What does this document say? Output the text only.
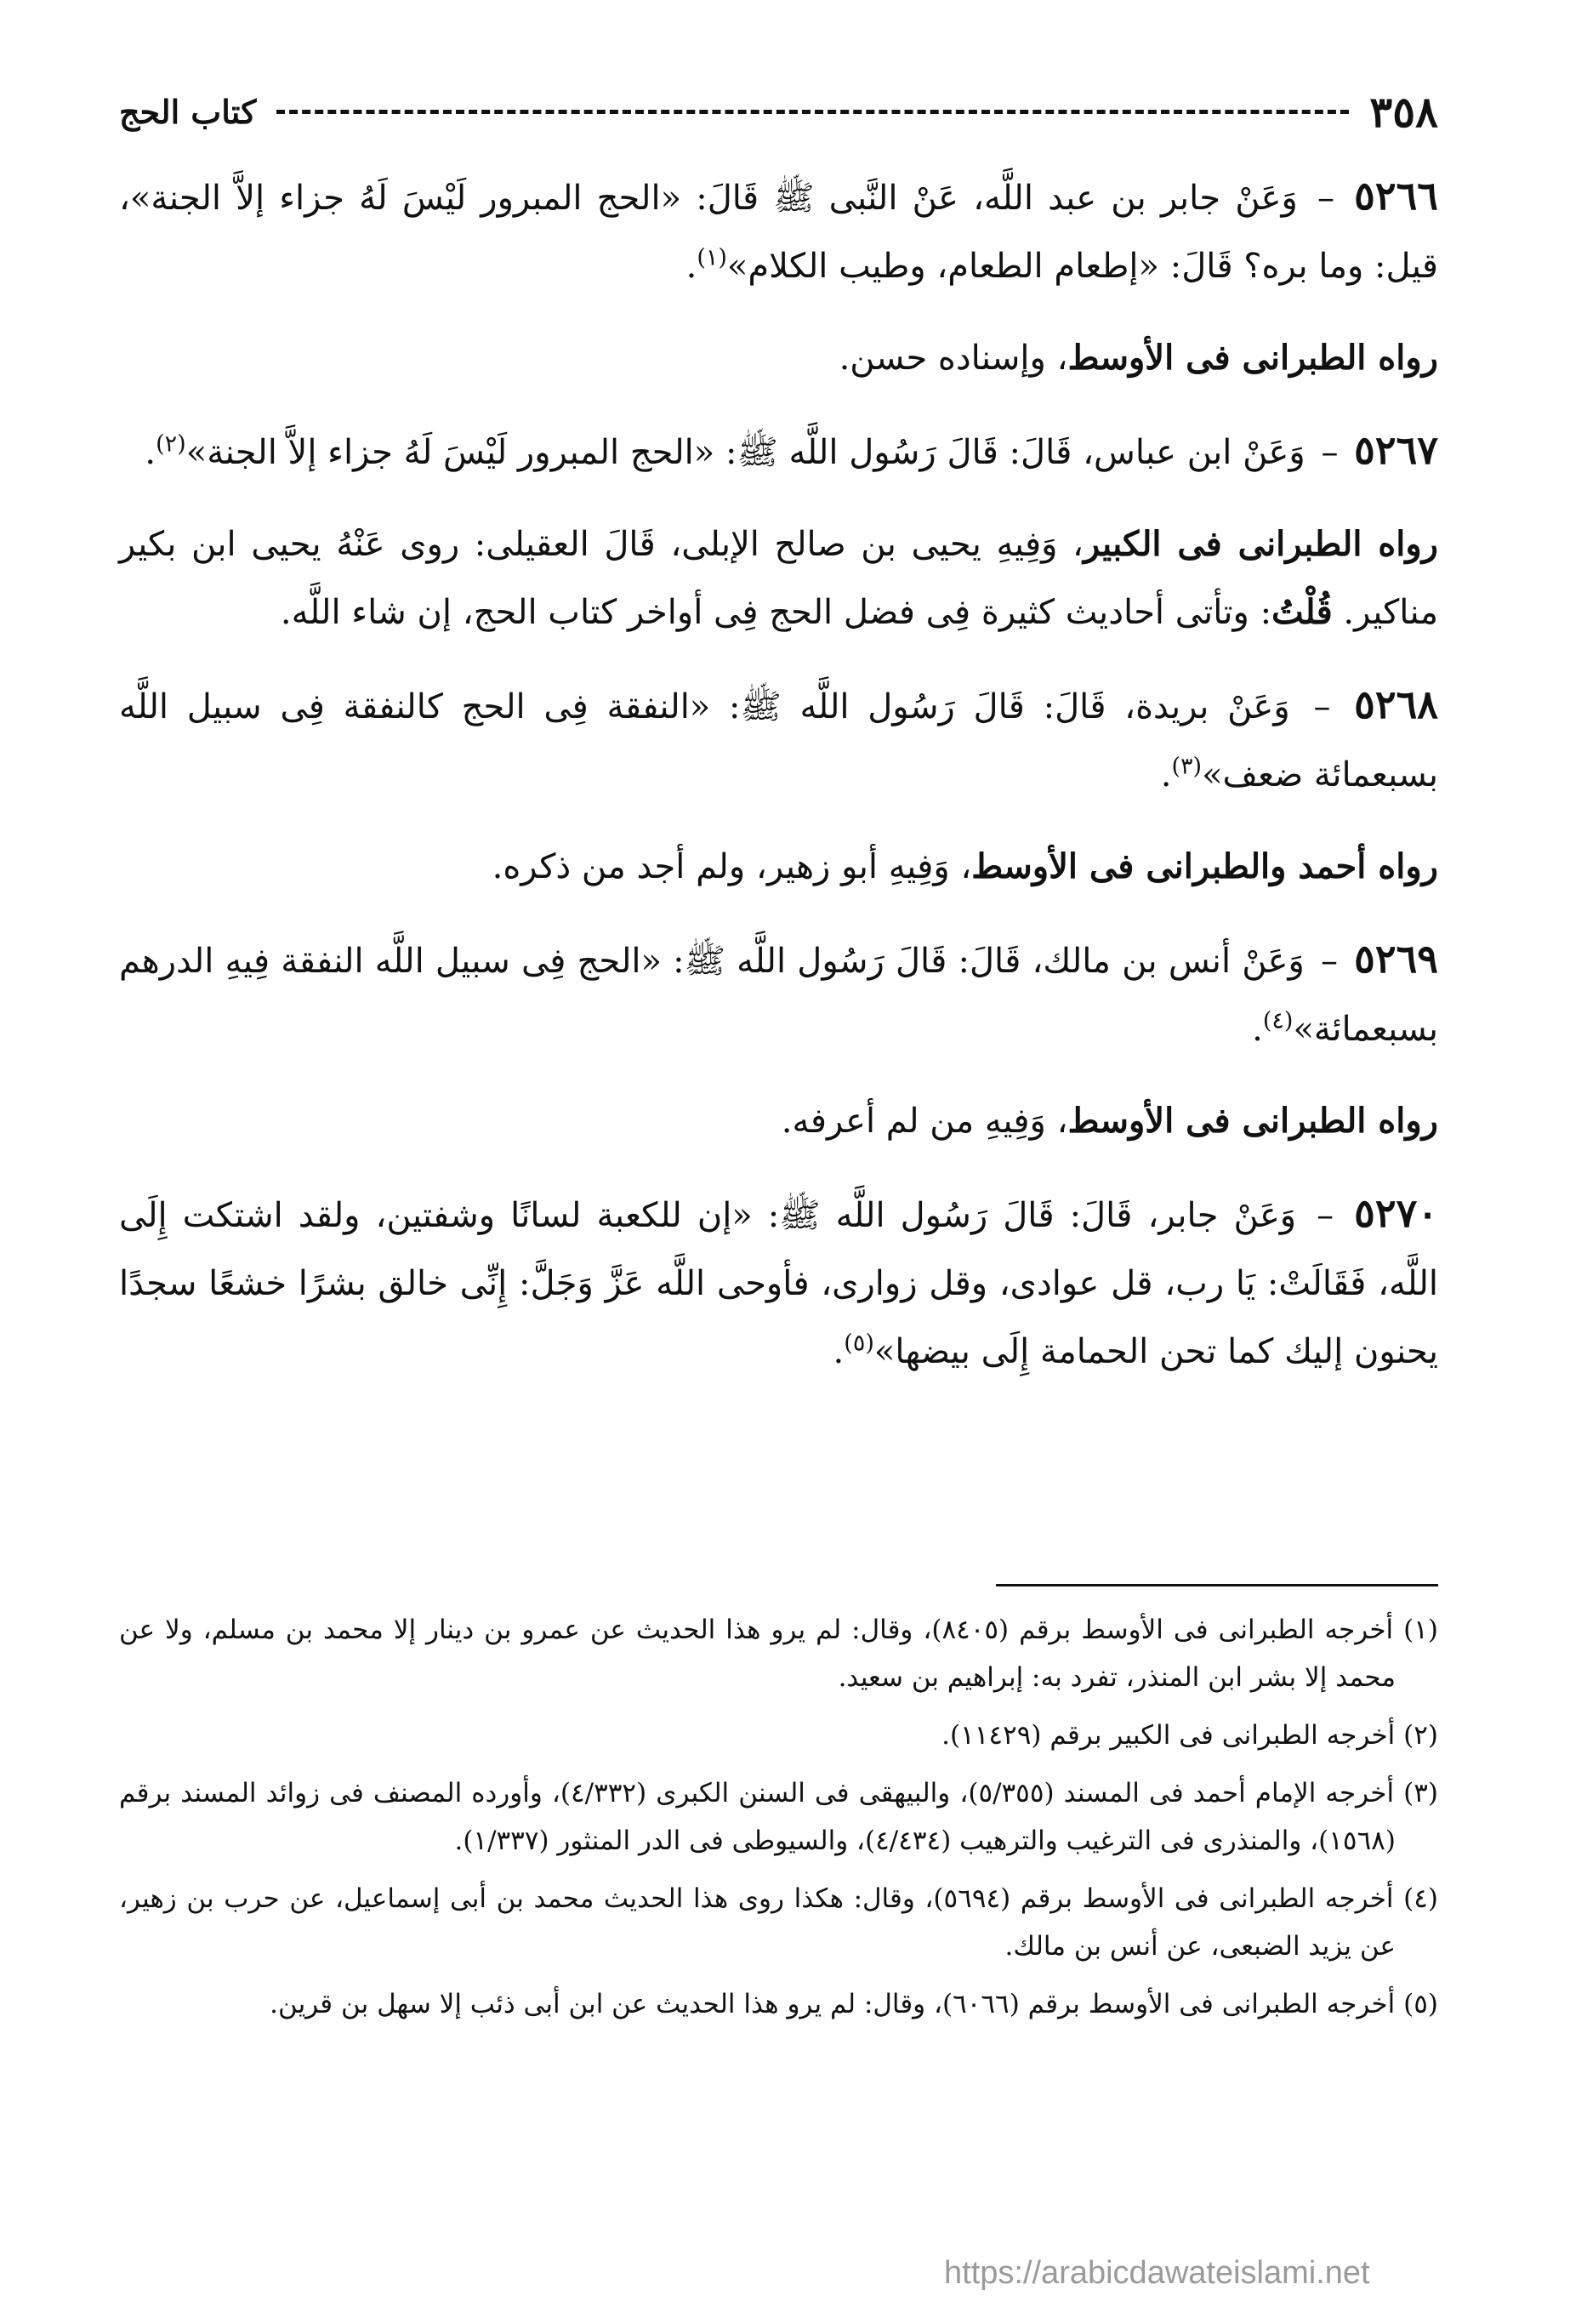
٣٥٨
كتاب الحج

٥٢٦٦ – وَعَنْ جابر بن عبد اللَّه، عَنْ النَّبى ﷺ قَالَ: «الحج المبرور لَيْسَ لَهُ جزاء إلاَّ الجنة»، قيل: وما بره؟ قَالَ: «إطعام الطعام، وطيب الكلام»$^{(١)}$.

رواه الطبرانى فى الأوسط، وإسناده حسن.

٥٢٦٧ – وَعَنْ ابن عباس، قَالَ: قَالَ رَسُول اللَّه ﷺ: «الحج المبرور لَيْسَ لَهُ جزاء إلاَّ الجنة»$^{(٢)}$.

رواه الطبرانى فى الكبير، وَفِيهِ يحيى بن صالح الإبلى، قَالَ العقيلى: روى عَنْهُ يحيى ابن بكير مناكير. قُلْتُ: وتأتى أحاديث كثيرة فِى فضل الحج فِى أواخر كتاب الحج، إن شاء اللَّه.

٥٢٦٨ – وَعَنْ بريدة، قَالَ: قَالَ رَسُول اللَّه ﷺ: «النفقة فِى الحج كالنفقة فِى سبيل اللَّه بسبعمائة ضعف»$^{(٣)}$.

رواه أحمد والطبرانى فى الأوسط، وَفِيهِ أبو زهير، ولم أجد من ذكره.

٥٢٦٩ – وَعَنْ أنس بن مالك، قَالَ: قَالَ رَسُول اللَّه ﷺ: «الحج فِى سبيل اللَّه النفقة فِيهِ الدرهم بسبعمائة»$^{(٤)}$.

رواه الطبرانى فى الأوسط، وَفِيهِ من لم أعرفه.

٥٢٧٠ – وَعَنْ جابر، قَالَ: قَالَ رَسُول اللَّه ﷺ: «إن للكعبة لسانًا وشفتين، ولقد اشتكت إِلَى اللَّه، فَقَالَتْ: يَا رب، قل عوادى، وقل زوارى، فأوحى اللَّه عَزَّ وَجَلَّ: إِنِّى خالق بشرًا خشعًا سجدًا يحنون إليك كما تحن الحمامة إِلَى بيضها»$^{(٥)}$.

(١) أخرجه الطبرانى فى الأوسط برقم (٨٤٠٥)، وقال: لم يرو هذا الحديث عن عمرو بن دينار إلا محمد بن مسلم، ولا عن محمد إلا بشر ابن المنذر، تفرد به: إبراهيم بن سعيد.

(٢) أخرجه الطبرانى فى الكبير برقم (١١٤٢٩).

(٣) أخرجه الإمام أحمد فى المسند (٥/٣٥٥)، والبيهقى فى السنن الكبرى (٤/٣٣٢)، وأورده المصنف فى زوائد المسند برقم (١٥٦٨)، والمنذرى فى الترغيب والترهيب (٤/٤٣٤)، والسيوطى فى الدر المنثور (١/٣٣٧).

(٤) أخرجه الطبرانى فى الأوسط برقم (٥٦٩٤)، وقال: هكذا روى هذا الحديث محمد بن أبى إسماعيل، عن حرب بن زهير، عن يزيد الضبعى، عن أنس بن مالك.

(٥) أخرجه الطبرانى فى الأوسط برقم (٦٠٦٦)، وقال: لم يرو هذا الحديث عن ابن أبى ذئب إلا سهل بن قرين.

https://arabicdawateislami.net
